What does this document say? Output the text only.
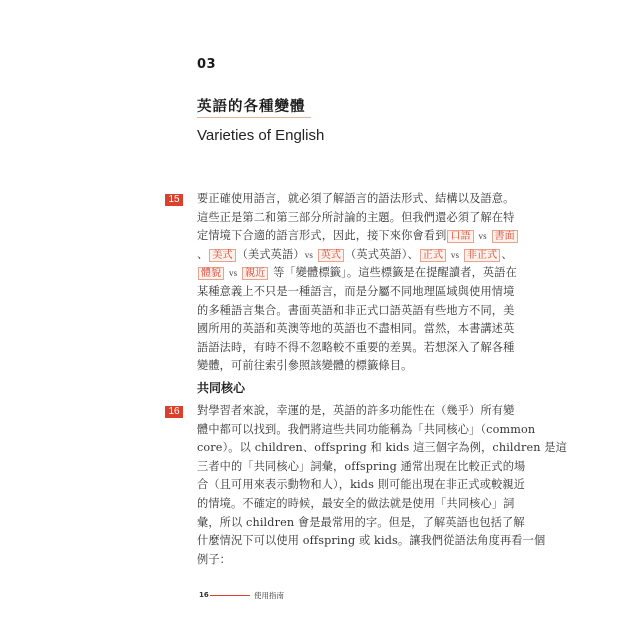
03
英語的各種變體
Varieties of English
15	要正確使用語言，就必須了解語言的語法形式、結構以及語意。
這些正是第二和第三部分所討論的主題。但我們還必須了解在特
定情境下合適的語言形式，因此，接下來你會看到 口語 vs 書面
、 美式 （美式英語）vs 英式 （英式英語）、 正式 vs 非正式 、
體貌 vs 親近 等「變體標籤」。這些標籤是在提醒讀者，英語在
某種意義上不只是一種語言，而是分屬不同地理區域與使用情境
的多種語言集合。書面英語和非正式口語英語有些地方不同，美
國所用的英語和英澳等地的英語也不盡相同。當然，本書講述英
語語法時，有時不得不忽略較不重要的差異。若想深入了解各種
變體，可前往索引參照該變體的標籤條目。
共同核心
16	對學習者來說，幸運的是，英語的許多功能性在（幾乎）所有變
體中都可以找到。我們將這些共同功能稱為「共同核心」（common
core）。以 children、offspring 和 kids 這三個字為例，children 是這
三者中的「共同核心」詞彙，offspring 通常出現在比較正式的場
合（且可用來表示動物和人），kids 則可能出現在非正式或較親近
的情境。不確定的時候，最安全的做法就是使用「共同核心」詞
彙，所以 children 會是最常用的字。但是，了解英語也包括了解
什麼情況下可以使用 offspring 或 kids。讓我們從語法角度再看一個
例子：
16	使用指南
